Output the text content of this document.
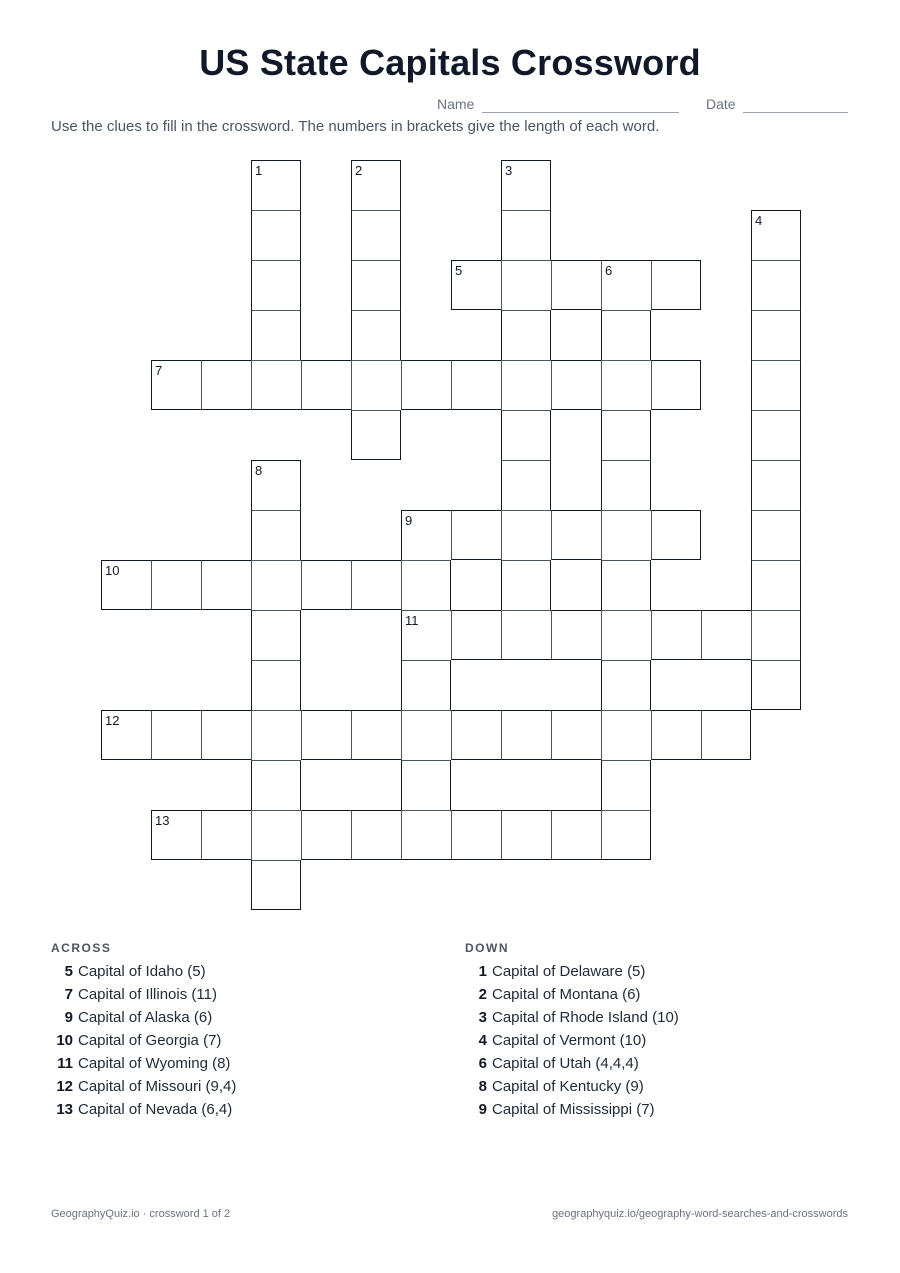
US State Capitals Crossword
Name	Date
Use the clues to fill in the crossword. The numbers in brackets give the length of each word.
1	2	3
4
5	6
7
8
9
11
10
12
13
ACROSS
5 Capital of Idaho (5)
7 Capital of Illinois (11)
9 Capital of Alaska (6)
10 Capital of Georgia (7)
11 Capital of Wyoming (8)
12 Capital of Missouri (9,4)
13 Capital of Nevada (6,4)
DOWN
1 Capital of Delaware (5)
2 Capital of Montana (6)
3 Capital of Rhode Island (10)
4 Capital of Vermont (10)
6 Capital of Utah (4,4,4)
8 Capital of Kentucky (9)
9 Capital of Mississippi (7)
GeographyQuiz.io · crossword 1 of 2	geographyquiz.io/geography-word-searches-and-crosswords
